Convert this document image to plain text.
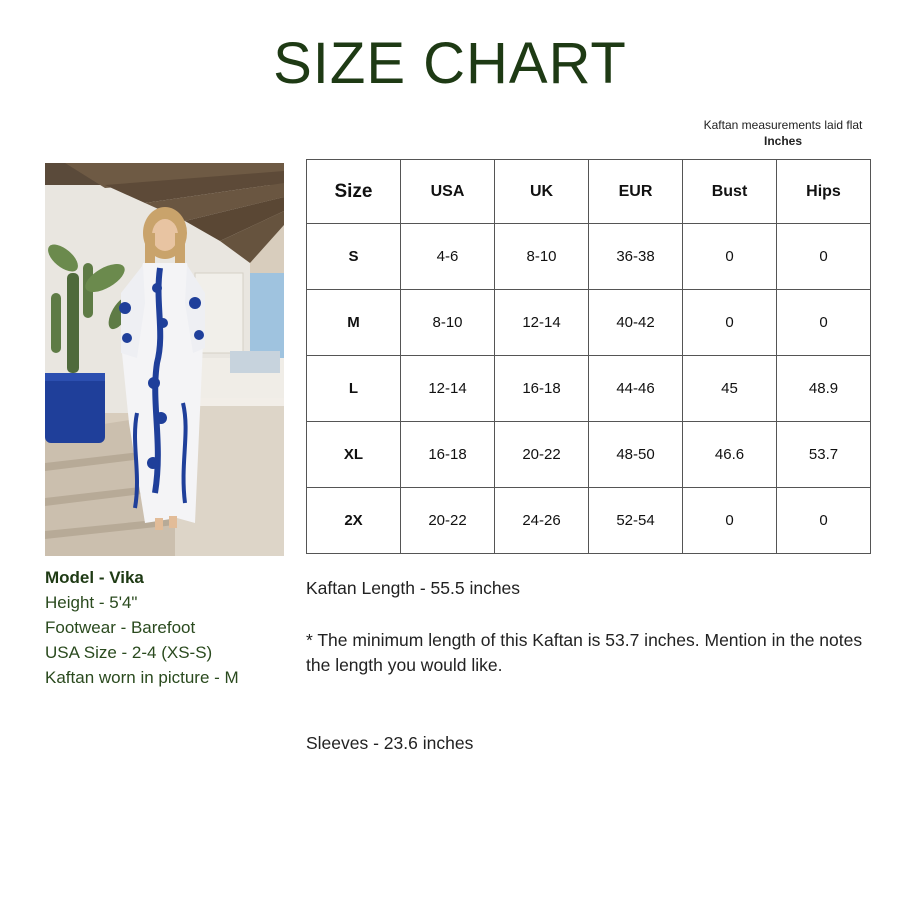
SIZE CHART
Kaftan measurements laid flat
Inches
Model - Vika
Height - 5'4"
Footwear - Barefoot
USA Size - 2-4 (XS-S)
Kaftan worn in picture - M
Size	USA	UK	EUR	Bust	Hips
S	4-6	8-10	36-38	0	0
M	8-10	12-14	40-42	0	0
L	12-14	16-18	44-46	45	48.9
XL	16-18	20-22	48-50	46.6	53.7
2X	20-22	24-26	52-54	0	0

Kaftan Length - 55.5 inches

* The minimum length of this Kaftan is 53.7 inches. Mention in the notes the length you would like.

Sleeves - 23.6 inches
